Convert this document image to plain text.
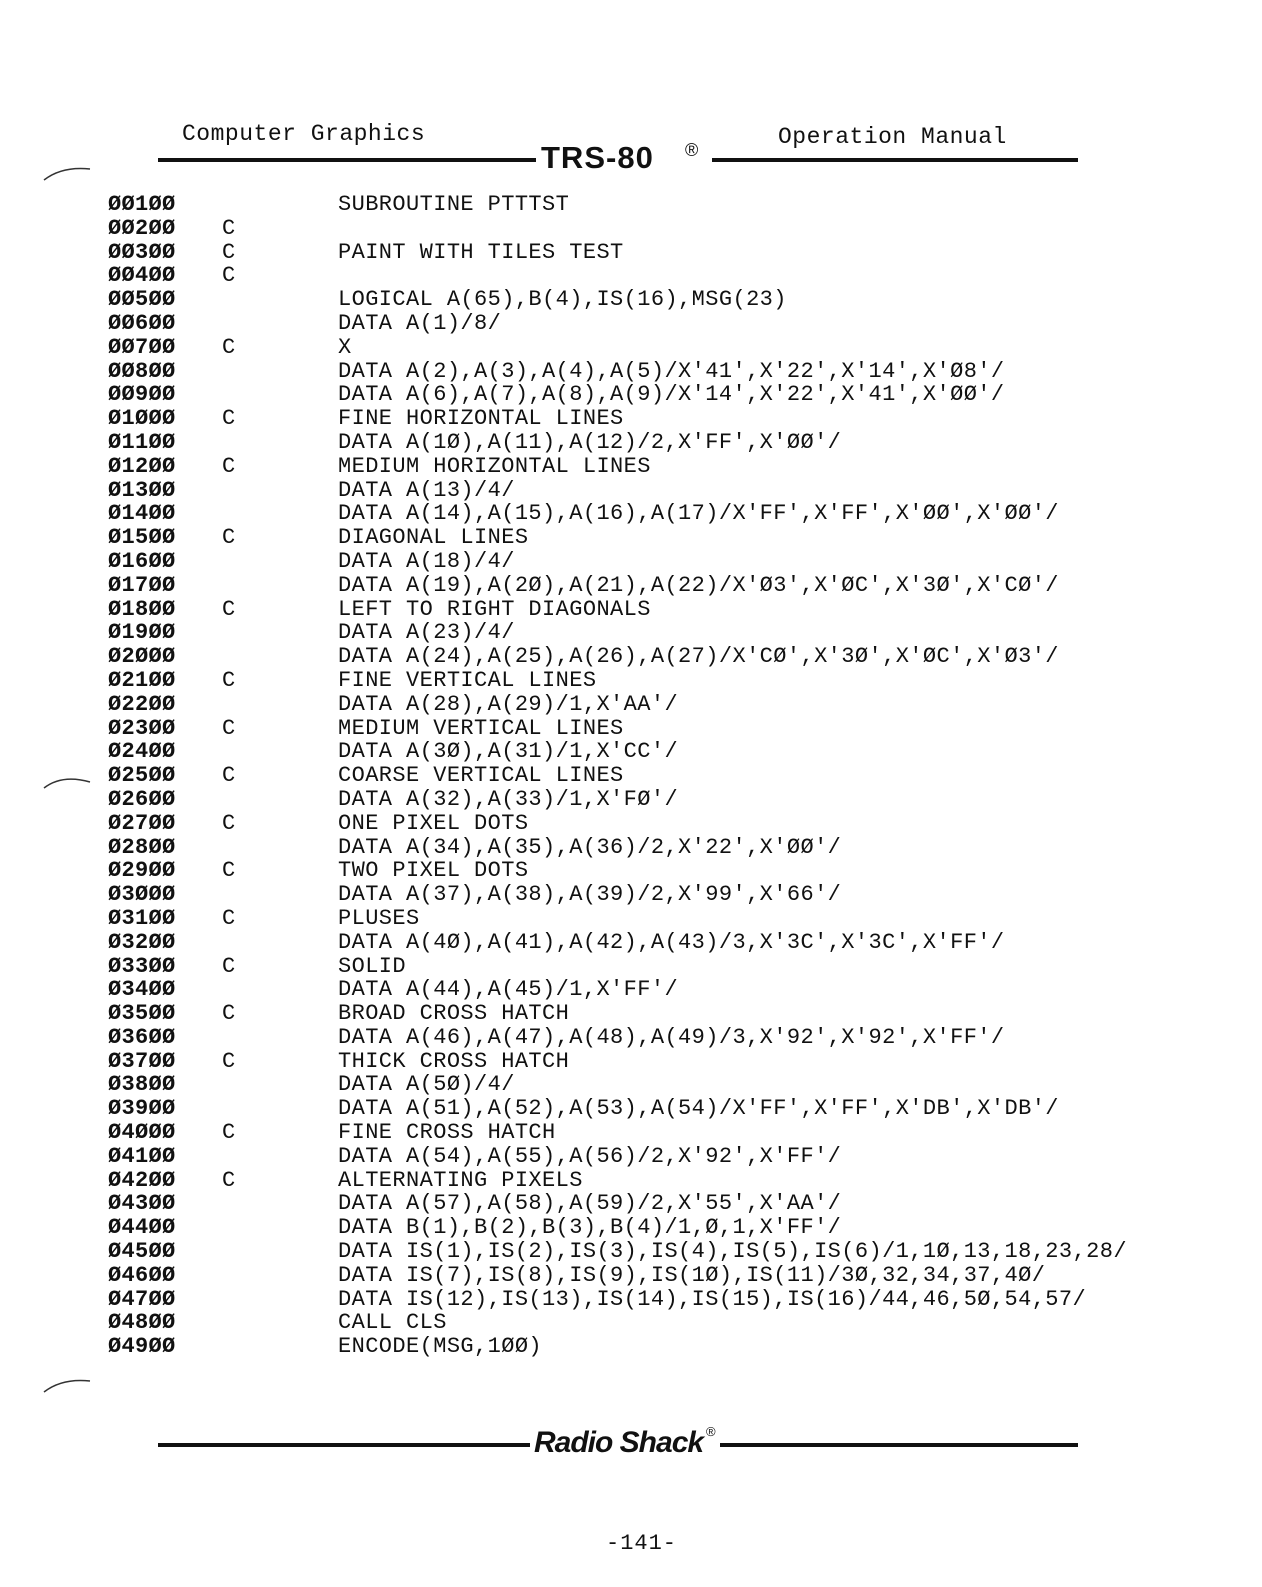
Computer Graphics	Operation Manual
TRS-80 ®
ØØ1ØØ	SUBROUTINE PTTTST
ØØ2ØØ C
ØØ3ØØ C	PAINT WITH TILES TEST
ØØ4ØØ C
ØØ5ØØ	LOGICAL A(65),B(4),IS(16),MSG(23)
ØØ6ØØ	DATA A(1)/8/
ØØ7ØØ C	X
ØØ8ØØ	DATA A(2),A(3),A(4),A(5)/X'41',X'22',X'14',X'Ø8'/
ØØ9ØØ	DATA A(6),A(7),A(8),A(9)/X'14',X'22',X'41',X'ØØ'/
Ø1ØØØ C	FINE HORIZONTAL LINES
Ø11ØØ	DATA A(1Ø),A(11),A(12)/2,X'FF',X'ØØ'/
Ø12ØØ C	MEDIUM HORIZONTAL LINES
Ø13ØØ	DATA A(13)/4/
Ø14ØØ	DATA A(14),A(15),A(16),A(17)/X'FF',X'FF',X'ØØ',X'ØØ'/
Ø15ØØ C	DIAGONAL LINES
Ø16ØØ	DATA A(18)/4/
Ø17ØØ	DATA A(19),A(2Ø),A(21),A(22)/X'Ø3',X'ØC',X'3Ø',X'CØ'/
Ø18ØØ C	LEFT TO RIGHT DIAGONALS
Ø19ØØ	DATA A(23)/4/
Ø2ØØØ	DATA A(24),A(25),A(26),A(27)/X'CØ',X'3Ø',X'ØC',X'Ø3'/
Ø21ØØ C	FINE VERTICAL LINES
Ø22ØØ	DATA A(28),A(29)/1,X'AA'/
Ø23ØØ C	MEDIUM VERTICAL LINES
Ø24ØØ	DATA A(3Ø),A(31)/1,X'CC'/
Ø25ØØ C	COARSE VERTICAL LINES
Ø26ØØ	DATA A(32),A(33)/1,X'FØ'/
Ø27ØØ C	ONE PIXEL DOTS
Ø28ØØ	DATA A(34),A(35),A(36)/2,X'22',X'ØØ'/
Ø29ØØ C	TWO PIXEL DOTS
Ø3ØØØ	DATA A(37),A(38),A(39)/2,X'99',X'66'/
Ø31ØØ C	PLUSES
Ø32ØØ	DATA A(4Ø),A(41),A(42),A(43)/3,X'3C',X'3C',X'FF'/
Ø33ØØ C	SOLID
Ø34ØØ	DATA A(44),A(45)/1,X'FF'/
Ø35ØØ C	BROAD CROSS HATCH
Ø36ØØ	DATA A(46),A(47),A(48),A(49)/3,X'92',X'92',X'FF'/
Ø37ØØ C	THICK CROSS HATCH
Ø38ØØ	DATA A(5Ø)/4/
Ø39ØØ	DATA A(51),A(52),A(53),A(54)/X'FF',X'FF',X'DB',X'DB'/
Ø4ØØØ C	FINE CROSS HATCH
Ø41ØØ	DATA A(54),A(55),A(56)/2,X'92',X'FF'/
Ø42ØØ C	ALTERNATING PIXELS
Ø43ØØ	DATA A(57),A(58),A(59)/2,X'55',X'AA'/
Ø44ØØ	DATA B(1),B(2),B(3),B(4)/1,Ø,1,X'FF'/
Ø45ØØ	DATA IS(1),IS(2),IS(3),IS(4),IS(5),IS(6)/1,1Ø,13,18,23,28/
Ø46ØØ	DATA IS(7),IS(8),IS(9),IS(1Ø),IS(11)/3Ø,32,34,37,4Ø/
Ø47ØØ	DATA IS(12),IS(13),IS(14),IS(15),IS(16)/44,46,5Ø,54,57/
Ø48ØØ	CALL CLS
Ø49ØØ	ENCODE(MSG,1ØØ)
Radio Shack ®
-141-
